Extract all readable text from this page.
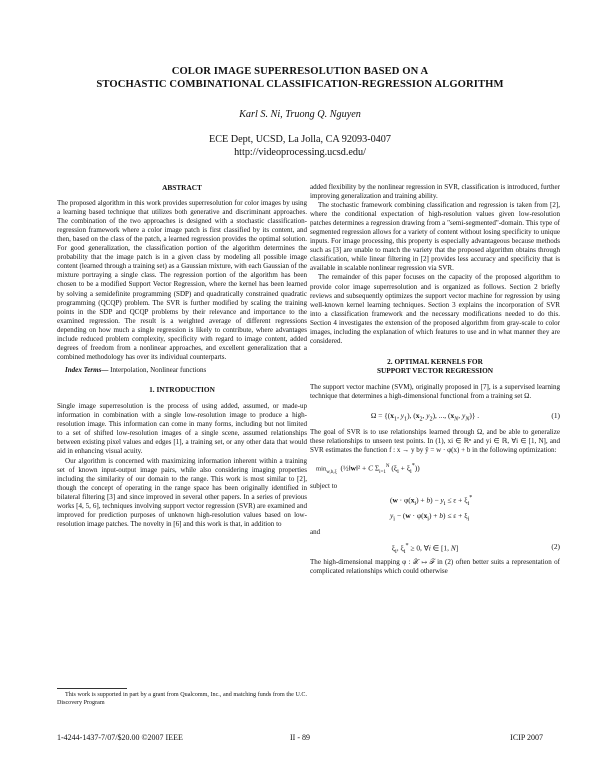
COLOR IMAGE SUPERRESOLUTION BASED ON A
STOCHASTIC COMBINATIONAL CLASSIFICATION-REGRESSION ALGORITHM
Karl S. Ni, Truong Q. Nguyen
ECE Dept, UCSD, La Jolla, CA 92093-0407
http://videoprocessing.ucsd.edu/
ABSTRACT

The proposed algorithm in this work provides superresolution for color images by using a learning based technique that utilizes both generative and discriminant approaches. The combination of the two approaches is designed with a stochastic classification-regression framework where a color image patch is first classified by its content, and then, based on the class of the patch, a learned regression provides the optimal solution. For good generalization, the classification portion of the algorithm determines the probability that the image patch is in a given class by modeling all possible image content (learned through a training set) as a Gaussian mixture, with each Gaussian of the mixture portraying a single class. The regression portion of the algorithm has been chosen to be a modified Support Vector Regression, where the kernel has been learned by solving a semidefinite programming (SDP) and quadratically constrained quadratic programming (QCQP) problem. The SVR is further modified by scaling the training points in the SDP and QCQP problems by their relevance and importance to the examined regression. The result is a weighted average of different regressions depending on how much a single regression is likely to contribute, where advantages include reduced problem complexity, specificity with regard to image content, added degrees of freedom from a nonlinear approaches, and excellent generalization that a combined methodology has over its individual counterparts.

Index Terms— Interpolation, Nonlinear functions

1. INTRODUCTION

Single image superresolution is the process of using added, assumed, or made-up information in combination with a single low-resolution image to produce a high-resolution image. This information can come in many forms, including but not limited to a set of shifted low-resolution images of a single scene, assumed relationships between existing pixel values and edges [1], a training set, or any other data that would aid in enhancing visual acuity.

Our algorithm is concerned with maximizing information inherent within a training set of known input-output image pairs, while also considering imaging properties including the similarity of our domain to the range. This work is most similar to [2], though the concept of operating in the range space has been originally identified in bilateral filtering [3] and since improved in several other papers. In a series of previous works [4, 5, 6], techniques involving support vector regression (SVR) are examined and improved for prediction purposes of unknown high-resolution values based on low-resolution image patches. The novelty in [6] and this work is that, in addition to

This work is supported in part by a grant from Qualcomm, Inc., and matching funds from the U.C. Discovery Program

added flexibility by the nonlinear regression in SVR, classification is introduced, further improving generalization and training ability.

The stochastic framework combining classification and regression is taken from [2], where the conditional expectation of high-resolution values given low-resolution patches determines a regression drawing from a "semi-segmented"-domain. This type of segmented regression allows for a variety of content without losing specificity to unique inputs. For image processing, this property is especially advantageous because methods such as [3] are unable to match the variety that the proposed algorithm obtains through classification, while linear filtering in [2] provides less accuracy and specificity that is available in scalable nonlinear regression via SVR.

The remainder of this paper focuses on the capacity of the proposed algorithm to provide color image superresolution and is organized as follows. Section 2 briefly reviews and subsequently optimizes the support vector machine for regression by using well-known kernel learning techniques. Section 3 explains the incorporation of SVR into a classification framework and the necessary modifications needed to do this. Section 4 investigates the extension of the proposed algorithm from gray-scale to color images, including the explanation of which features to use and in what manner they are considered.

2. OPTIMAL KERNELS FOR
SUPPORT VECTOR REGRESSION

The support vector machine (SVM), originally proposed in [7], is a supervised learning technique that determines a high-dimensional functional from a training set Ω.

$\Omega = \{(x_1$, $y_1$), ($x_2$, $y_2$), ..., ($x_N$, $y_N$)} .	(1)

The goal of SVR is to use relationships learned through Ω, and be able to generalize these relationships to unseen test points. In (1), xi ∈ ℝⁿ and yi ∈ ℝ, ∀i ∈ [1, N], and SVR estimates the function f : x → y by ŷ = w · φ(x) + b in the following optimization:

$\min_{w,b,\xi}$  (½‖w‖² + C $\Sigma_{i=1}^N$ $(\xi_i + \xi_i^*)$)

subject to

$(w \cdot \varphi(x_i) + b) - y_i \le \varepsilon + \xi_i^*$
$y_i - (w \cdot \varphi(x_i) + b) \le \varepsilon + \xi_i$

and

$\xi_i$, $\xi_i^* \ge 0$, ∀i ∈ [1, N]	(2)

The high-dimensional mapping φ : 𝒳 ↦ ℱ in (2) often better suits a representation of complicated relationships which could otherwise

1-4244-1437-7/07/$20.00 ©2007 IEEE	II - 89	ICIP 2007
